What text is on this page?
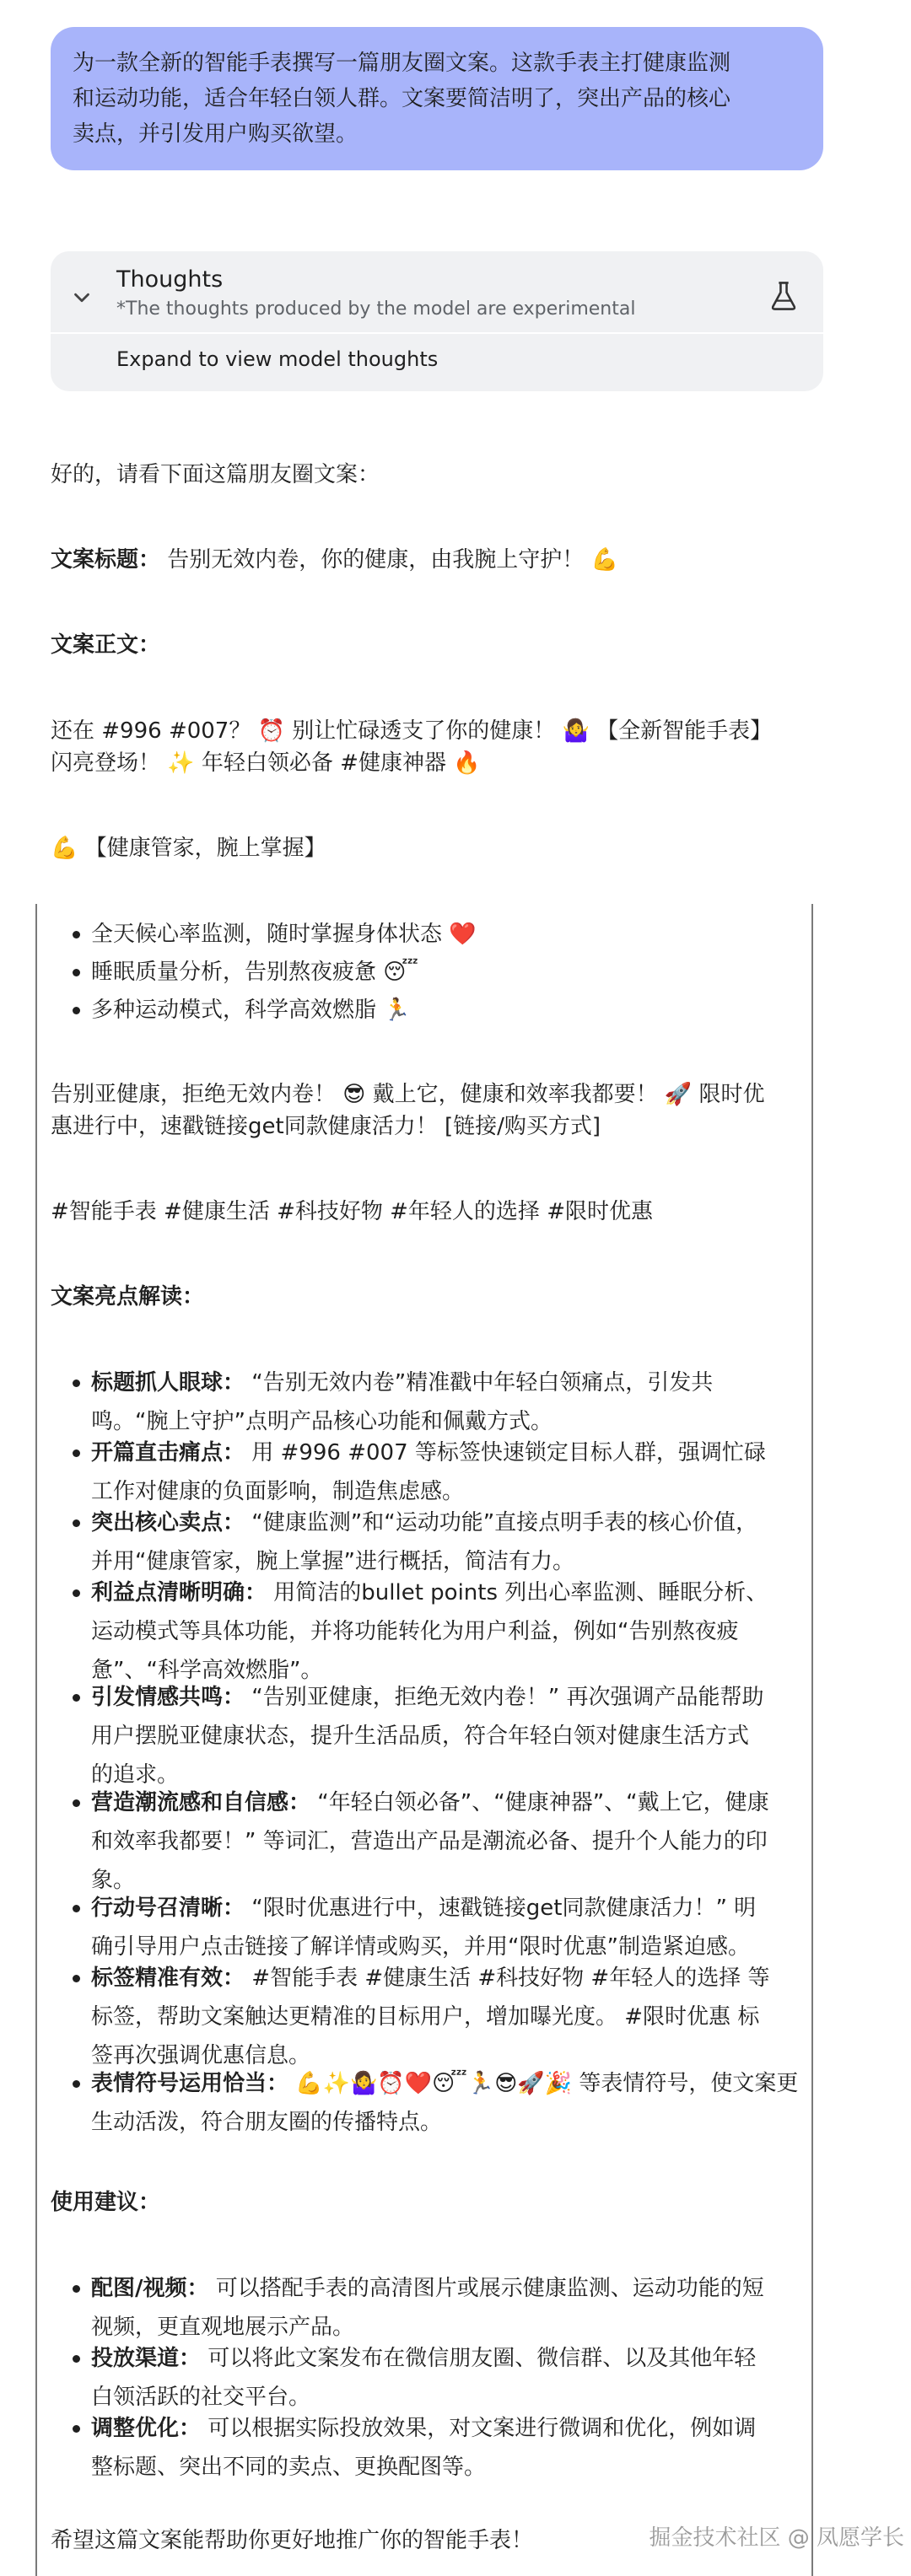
为一款全新的智能手表撰写一篇朋友圈文案。这款手表主打健康监测
和运动功能，适合年轻白领人群。文案要简洁明了，突出产品的核心
卖点，并引发用户购买欲望。
Thoughts
*The thoughts produced by the model are experimental
Expand to view model thoughts
好的，请看下面这篇朋友圈文案：
文案标题： 告别无效内卷，你的健康，由我腕上守护！ 💪
文案正文：
还在 #996 #007？ ⏰ 别让忙碌透支了你的健康！ 🤷‍♀️ 【全新智能手表】
闪亮登场！ ✨ 年轻白领必备 #健康神器 🔥
💪 【健康管家，腕上掌握】
全天候心率监测，随时掌握身体状态 ❤️
睡眠质量分析，告别熬夜疲惫 😴
多种运动模式，科学高效燃脂 🏃
告别亚健康，拒绝无效内卷！ 😎 戴上它，健康和效率我都要！ 🚀 限时优
惠进行中，速戳链接get同款健康活力！ [链接/购买方式]
#智能手表 #健康生活 #科技好物 #年轻人的选择 #限时优惠
文案亮点解读：
标题抓人眼球： “告别无效内卷”精准戳中年轻白领痛点，引发共
鸣。“腕上守护”点明产品核心功能和佩戴方式。
开篇直击痛点： 用 #996 #007 等标签快速锁定目标人群，强调忙碌
工作对健康的负面影响，制造焦虑感。
突出核心卖点： “健康监测”和“运动功能”直接点明手表的核心价值，
并用“健康管家，腕上掌握”进行概括，简洁有力。
利益点清晰明确： 用简洁的bullet points 列出心率监测、睡眠分析、
运动模式等具体功能，并将功能转化为用户利益，例如“告别熬夜疲
惫”、“科学高效燃脂”。
引发情感共鸣： “告别亚健康，拒绝无效内卷！” 再次强调产品能帮助
用户摆脱亚健康状态，提升生活品质，符合年轻白领对健康生活方式
的追求。
营造潮流感和自信感： “年轻白领必备”、“健康神器”、“戴上它，健康
和效率我都要！” 等词汇，营造出产品是潮流必备、提升个人能力的印
象。
行动号召清晰： “限时优惠进行中，速戳链接get同款健康活力！” 明
确引导用户点击链接了解详情或购买，并用“限时优惠”制造紧迫感。
标签精准有效： #智能手表 #健康生活 #科技好物 #年轻人的选择 等
标签，帮助文案触达更精准的目标用户，增加曝光度。 #限时优惠 标
签再次强调优惠信息。
表情符号运用恰当： 💪✨🤷‍♀️⏰❤️😴🏃😎🚀🎉 等表情符号，使文案更
生动活泼，符合朋友圈的传播特点。
使用建议：
配图/视频： 可以搭配手表的高清图片或展示健康监测、运动功能的短
视频，更直观地展示产品。
投放渠道： 可以将此文案发布在微信朋友圈、微信群、以及其他年轻
白领活跃的社交平台。
调整优化： 可以根据实际投放效果，对文案进行微调和优化，例如调
整标题、突出不同的卖点、更换配图等。
希望这篇文案能帮助你更好地推广你的智能手表！	掘金技术社区 @ 凤愿学长
